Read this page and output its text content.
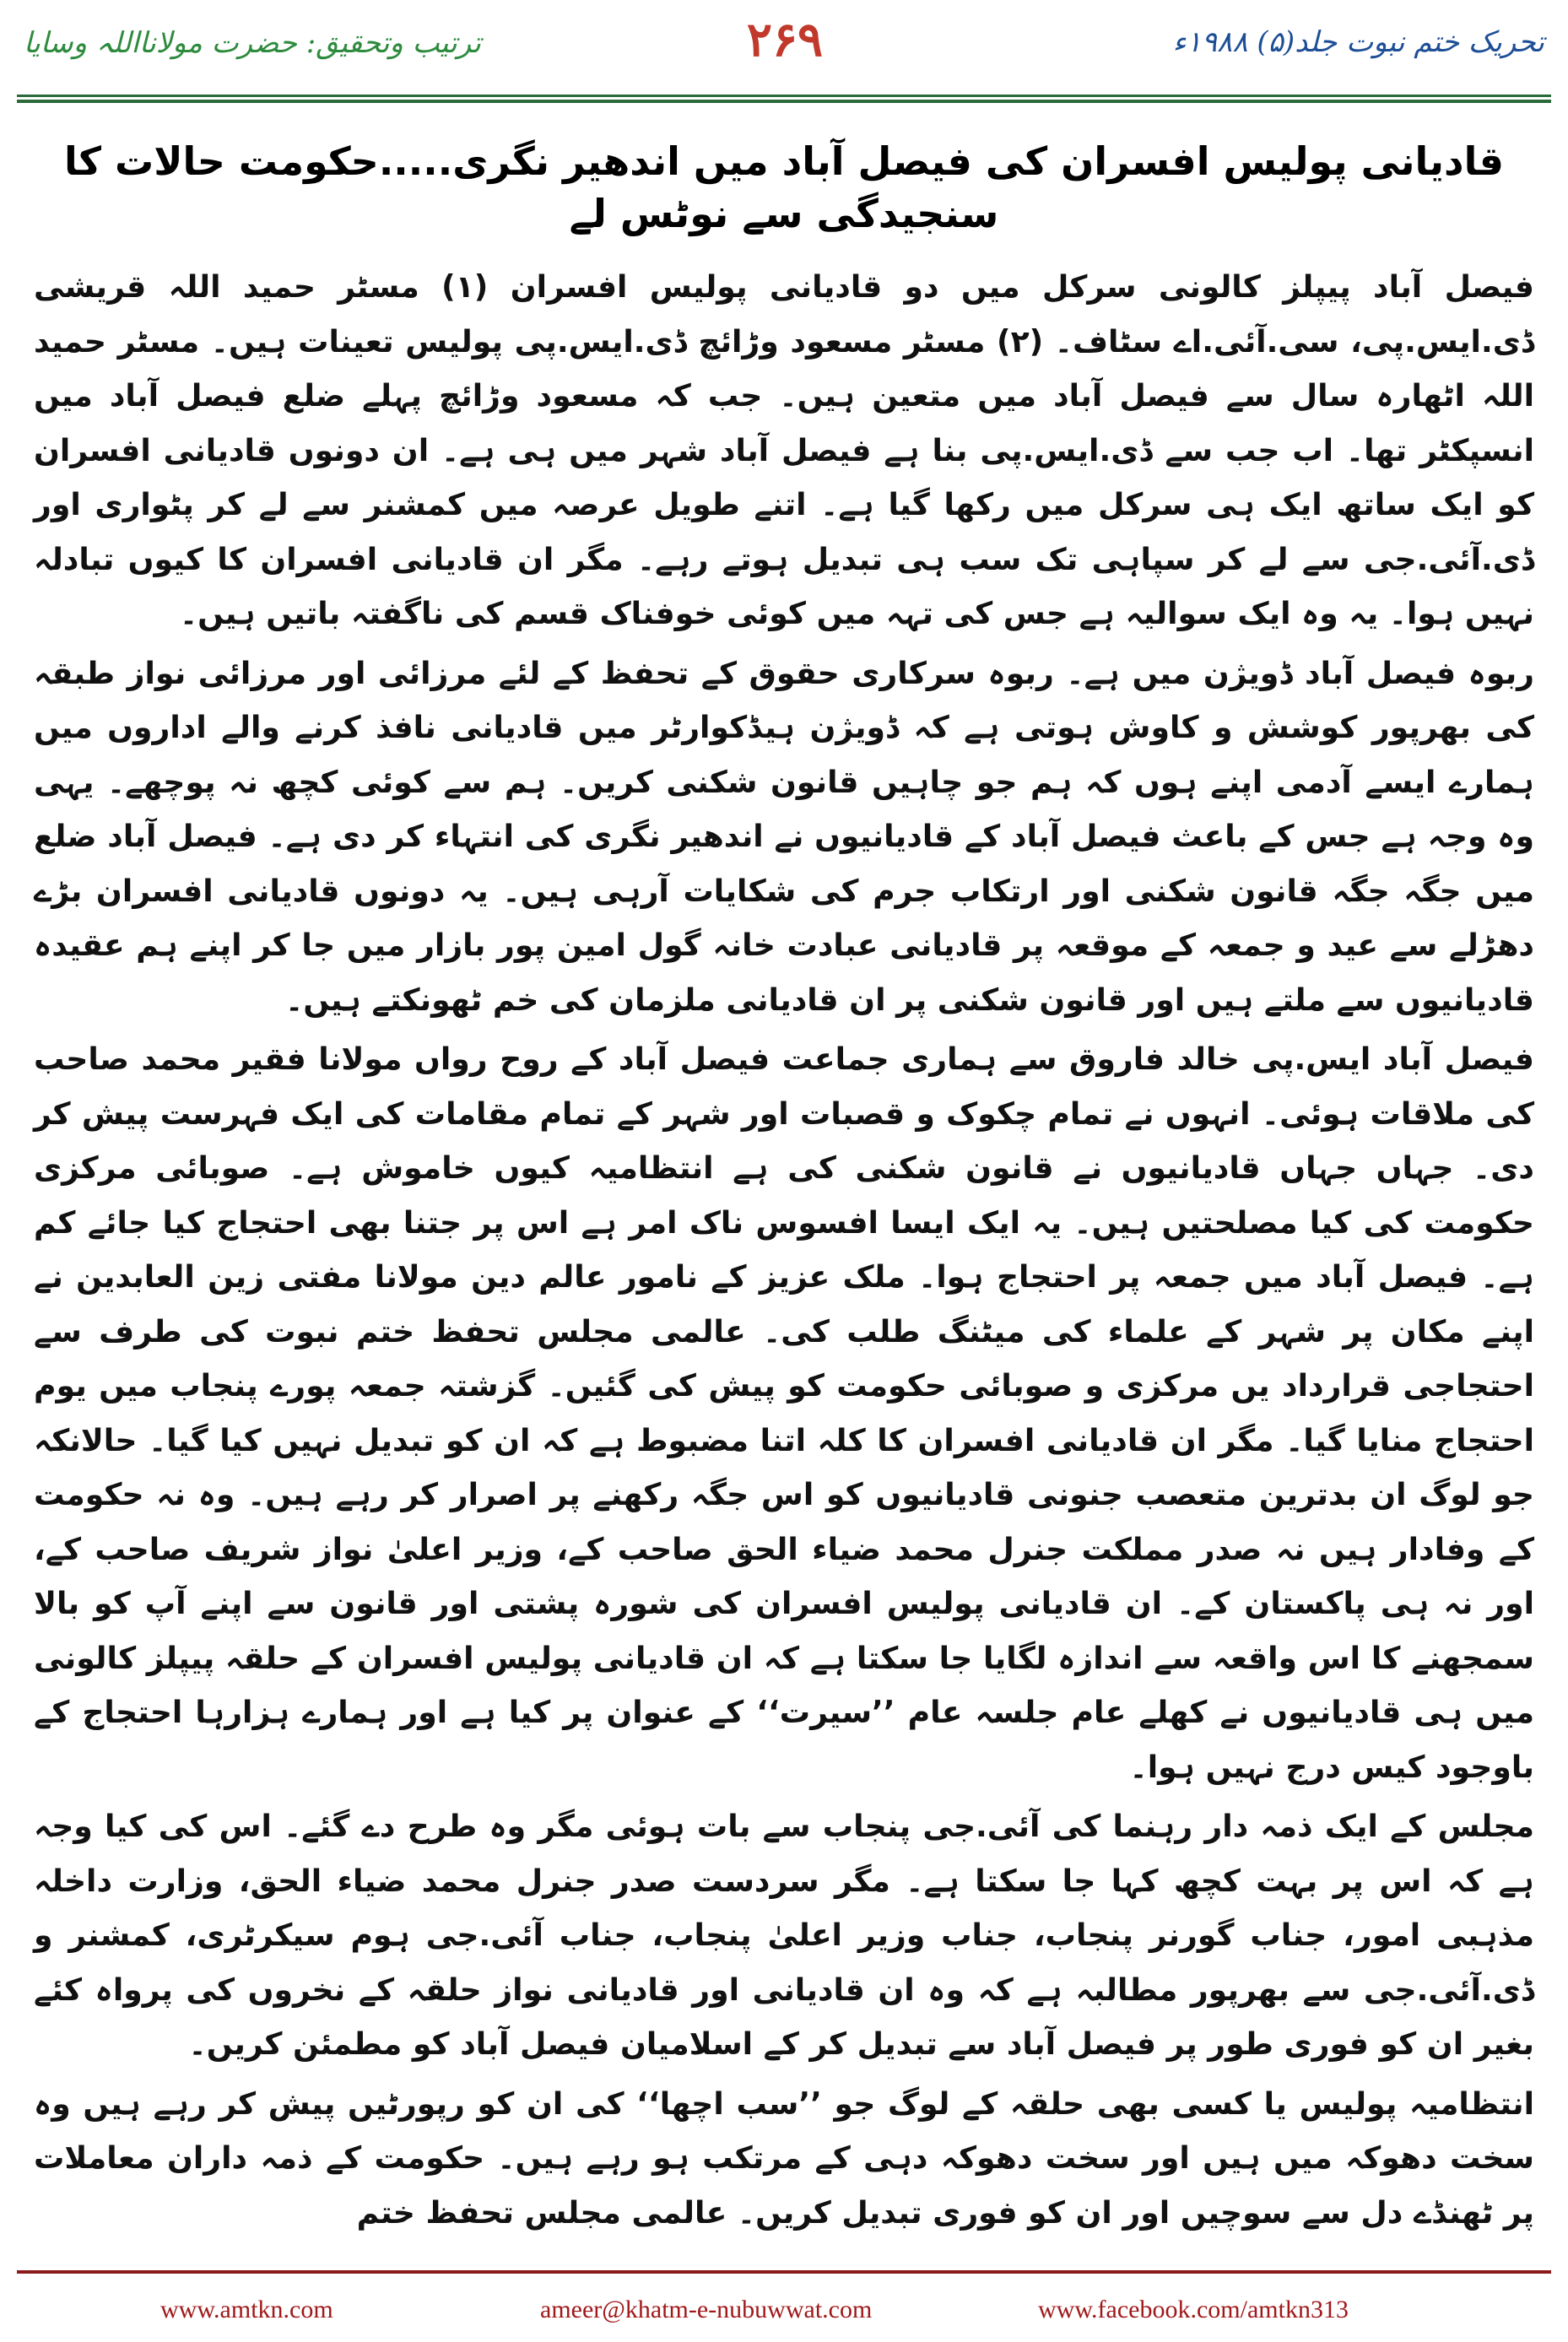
تحریک ختم نبوت جلد(۵) ۱۹۸۸ء
۲۶۹
ترتیب وتحقیق: حضرت مولانااللہ وسایا
قادیانی پولیس افسران کی فیصل آباد میں اندھیر نگری.....حکومت حالات کا سنجیدگی سے نوٹس لے

فیصل آباد پیپلز کالونی سرکل میں دو قادیانی پولیس افسران (۱) مسٹر حمید اللہ قریشی ڈی.ایس.پی، سی.آئی.اے سٹاف۔ (۲) مسٹر مسعود وڑائچ ڈی.ایس.پی پولیس تعینات ہیں۔ مسٹر حمید اللہ اٹھارہ سال سے فیصل آباد میں متعین ہیں۔ جب کہ مسعود وڑائچ پہلے ضلع فیصل آباد میں انسپکٹر تھا۔ اب جب سے ڈی.ایس.پی بنا ہے فیصل آباد شہر میں ہی ہے۔ ان دونوں قادیانی افسران کو ایک ساتھ ایک ہی سرکل میں رکھا گیا ہے۔ اتنے طویل عرصہ میں کمشنر سے لے کر پٹواری اور ڈی.آئی.جی سے لے کر سپاہی تک سب ہی تبدیل ہوتے رہے۔ مگر ان قادیانی افسران کا کیوں تبادلہ نہیں ہوا۔ یہ وہ ایک سوالیہ ہے جس کی تہہ میں کوئی خوفناک قسم کی ناگفتہ باتیں ہیں۔

ربوہ فیصل آباد ڈویژن میں ہے۔ ربوہ سرکاری حقوق کے تحفظ کے لئے مرزائی اور مرزائی نواز طبقہ کی بھرپور کوشش و کاوش ہوتی ہے کہ ڈویژن ہیڈکوارٹر میں قادیانی نافذ کرنے والے اداروں میں ہمارے ایسے آدمی اپنے ہوں کہ ہم جو چاہیں قانون شکنی کریں۔ ہم سے کوئی کچھ نہ پوچھے۔ یہی وہ وجہ ہے جس کے باعث فیصل آباد کے قادیانیوں نے اندھیر نگری کی انتہاء کر دی ہے۔ فیصل آباد ضلع میں جگہ جگہ قانون شکنی اور ارتکاب جرم کی شکایات آرہی ہیں۔ یہ دونوں قادیانی افسران بڑے دھڑلے سے عید و جمعہ کے موقعہ پر قادیانی عبادت خانہ گول امین پور بازار میں جا کر اپنے ہم عقیدہ قادیانیوں سے ملتے ہیں اور قانون شکنی پر ان قادیانی ملزمان کی خم ٹھونکتے ہیں۔

فیصل آباد ایس.پی خالد فاروق سے ہماری جماعت فیصل آباد کے روح رواں مولانا فقیر محمد صاحب کی ملاقات ہوئی۔ انہوں نے تمام چکوک و قصبات اور شہر کے تمام مقامات کی ایک فہرست پیش کر دی۔ جہاں جہاں قادیانیوں نے قانون شکنی کی ہے انتظامیہ کیوں خاموش ہے۔ صوبائی مرکزی حکومت کی کیا مصلحتیں ہیں۔ یہ ایک ایسا افسوس ناک امر ہے اس پر جتنا بھی احتجاج کیا جائے کم ہے۔ فیصل آباد میں جمعہ پر احتجاج ہوا۔ ملک عزیز کے نامور عالم دین مولانا مفتی زین العابدین نے اپنے مکان پر شہر کے علماء کی میٹنگ طلب کی۔ عالمی مجلس تحفظ ختم نبوت کی طرف سے احتجاجی قرارداد یں مرکزی و صوبائی حکومت کو پیش کی گئیں۔ گزشتہ جمعہ پورے پنجاب میں یوم احتجاج منایا گیا۔ مگر ان قادیانی افسران کا کلہ اتنا مضبوط ہے کہ ان کو تبدیل نہیں کیا گیا۔ حالانکہ جو لوگ ان بدترین متعصب جنونی قادیانیوں کو اس جگہ رکھنے پر اصرار کر رہے ہیں۔ وہ نہ حکومت کے وفادار ہیں نہ صدر مملکت جنرل محمد ضیاء الحق صاحب کے، وزیر اعلیٰ نواز شریف صاحب کے، اور نہ ہی پاکستان کے۔ ان قادیانی پولیس افسران کی شورہ پشتی اور قانون سے اپنے آپ کو بالا سمجھنے کا اس واقعہ سے اندازہ لگایا جا سکتا ہے کہ ان قادیانی پولیس افسران کے حلقہ پیپلز کالونی میں ہی قادیانیوں نے کھلے عام جلسہ عام ’’سیرت‘‘ کے عنوان پر کیا ہے اور ہمارے ہزارہا احتجاج کے باوجود کیس درج نہیں ہوا۔

مجلس کے ایک ذمہ دار رہنما کی آئی.جی پنجاب سے بات ہوئی مگر وہ طرح دے گئے۔ اس کی کیا وجہ ہے کہ اس پر بہت کچھ کہا جا سکتا ہے۔ مگر سردست صدر جنرل محمد ضیاء الحق، وزارت داخلہ مذہبی امور، جناب گورنر پنجاب، جناب وزیر اعلیٰ پنجاب، جناب آئی.جی ہوم سیکرٹری، کمشنر و ڈی.آئی.جی سے بھرپور مطالبہ ہے کہ وہ ان قادیانی اور قادیانی نواز حلقہ کے نخروں کی پرواہ کئے بغیر ان کو فوری طور پر فیصل آباد سے تبدیل کر کے اسلامیان فیصل آباد کو مطمئن کریں۔

انتظامیہ پولیس یا کسی بھی حلقہ کے لوگ جو ’’سب اچھا‘‘ کی ان کو رپورٹیں پیش کر رہے ہیں وہ سخت دھوکہ میں ہیں اور سخت دھوکہ دہی کے مرتکب ہو رہے ہیں۔ حکومت کے ذمہ داران معاملات پر ٹھنڈے دل سے سوچیں اور ان کو فوری تبدیل کریں۔ عالمی مجلس تحفظ ختم

www.amtkn.com	ameer@khatm-e-nubuwwat.com	www.facebook.com/amtkn313
